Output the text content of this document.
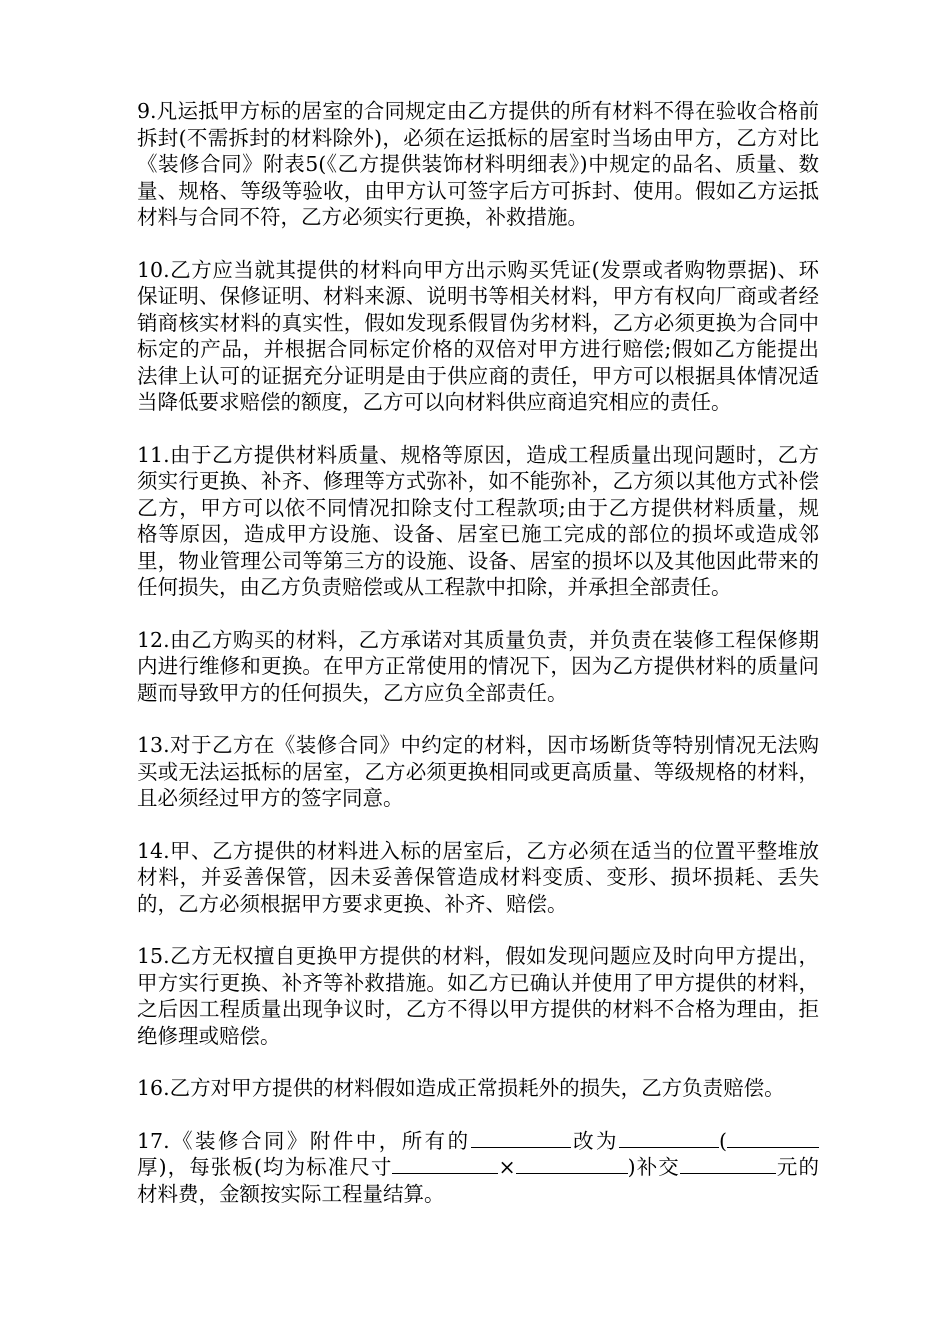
9.凡运抵甲方标的居室的合同规定由乙方提供的所有材料不得在验收合格前拆封(不需拆封的材料除外)，必须在运抵标的居室时当场由甲方，乙方对比《装修合同》附表5(《乙方提供装饰材料明细表》)中规定的品名、质量、数量、规格、等级等验收，由甲方认可签字后方可拆封、使用。假如乙方运抵材料与合同不符，乙方必须实行更换，补救措施。

10.乙方应当就其提供的材料向甲方出示购买凭证(发票或者购物票据)、环保证明、保修证明、材料来源、说明书等相关材料，甲方有权向厂商或者经销商核实材料的真实性，假如发现系假冒伪劣材料，乙方必须更换为合同中标定的产品，并根据合同标定价格的双倍对甲方进行赔偿;假如乙方能提出法律上认可的证据充分证明是由于供应商的责任，甲方可以根据具体情况适当降低要求赔偿的额度，乙方可以向材料供应商追究相应的责任。

11.由于乙方提供材料质量、规格等原因，造成工程质量出现问题时，乙方须实行更换、补齐、修理等方式弥补，如不能弥补，乙方须以其他方式补偿乙方，甲方可以依不同情况扣除支付工程款项;由于乙方提供材料质量，规格等原因，造成甲方设施、设备、居室已施工完成的部位的损坏或造成邻里，物业管理公司等第三方的设施、设备、居室的损坏以及其他因此带来的任何损失，由乙方负责赔偿或从工程款中扣除，并承担全部责任。

12.由乙方购买的材料，乙方承诺对其质量负责，并负责在装修工程保修期内进行维修和更换。在甲方正常使用的情况下，因为乙方提供材料的质量问题而导致甲方的任何损失，乙方应负全部责任。

13.对于乙方在《装修合同》中约定的材料，因市场断货等特别情况无法购买或无法运抵标的居室，乙方必须更换相同或更高质量、等级规格的材料，且必须经过甲方的签字同意。

14.甲、乙方提供的材料进入标的居室后，乙方必须在适当的位置平整堆放材料，并妥善保管，因未妥善保管造成材料变质、变形、损坏损耗、丢失的，乙方必须根据甲方要求更换、补齐、赔偿。

15.乙方无权擅自更换甲方提供的材料，假如发现问题应及时向甲方提出，甲方实行更换、补齐等补救措施。如乙方已确认并使用了甲方提供的材料，之后因工程质量出现争议时，乙方不得以甲方提供的材料不合格为理由，拒绝修理或赔偿。

16.乙方对甲方提供的材料假如造成正常损耗外的损失，乙方负责赔偿。

17.《装修合同》附件中，所有的	改为	(厚)，每张板(均为标准尺寸	×	)补交	元的材料费，金额按实际工程量结算。
